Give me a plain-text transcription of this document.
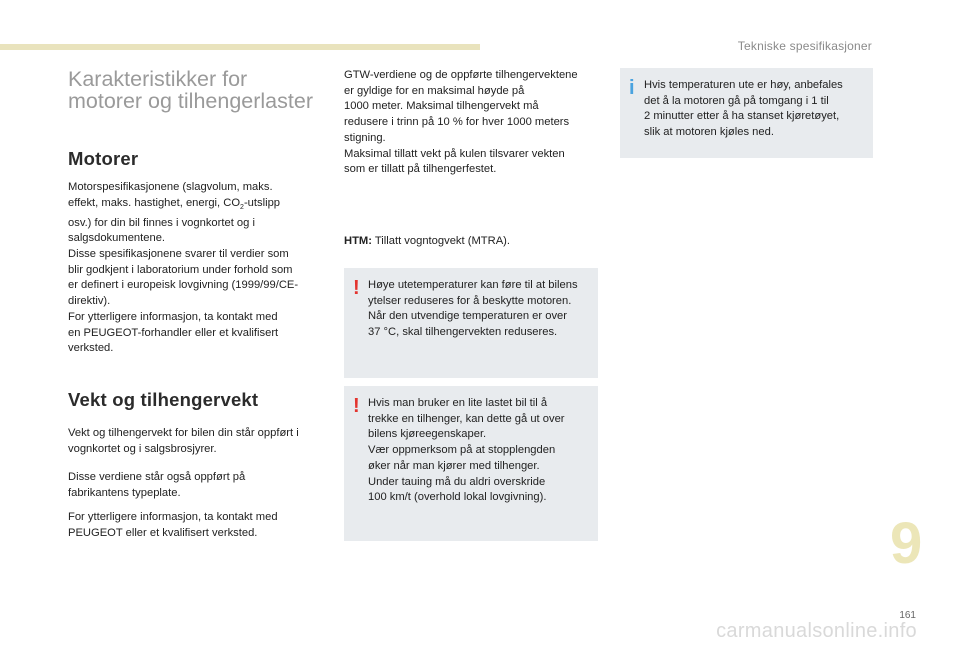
Tekniske spesifikasjoner
Karakteristikker for
motorer og tilhengerlaster
Motorer

Motorspesifikasjonene (slagvolum, maks.
effekt, maks. hastighet, energi, $CO_2$-utslipp
osv.) for din bil finnes i vognkortet og i
salgsdokumentene.
Disse spesifikasjonene svarer til verdier som
blir godkjent i laboratorium under forhold som
er definert i europeisk lovgivning (1999/99/CE-
direktiv).
For ytterligere informasjon, ta kontakt med
en PEUGEOT-forhandler eller et kvalifisert
verksted.

Vekt og tilhengervekt

Vekt og tilhengervekt for bilen din står oppført i
vognkortet og i salgsbrosjyrer.

Disse verdiene står også oppført på
fabrikantens typeplate.

For ytterligere informasjon, ta kontakt med
PEUGEOT eller et kvalifisert verksted.

GTW-verdiene og de oppførte tilhengervektene
er gyldige for en maksimal høyde på
1000 meter. Maksimal tilhengervekt må
redusere i trinn på 10 % for hver 1000 meters
stigning.
Maksimal tillatt vekt på kulen tilsvarer vekten
som er tillatt på tilhengerfestet.

HTM: Tillatt vogntogvekt (MTRA).

! Høye utetemperaturer kan føre til at bilens
ytelser reduseres for å beskytte motoren.
Når den utvendige temperaturen er over
37 °C, skal tilhengervekten reduseres.
! Hvis man bruker en lite lastet bil til å
trekke en tilhenger, kan dette gå ut over
bilens kjøreegenskaper.
Vær oppmerksom på at stopplengden
øker når man kjører med tilhenger.
Under tauing må du aldri overskride
100 km/t (overhold lokal lovgivning).
i Hvis temperaturen ute er høy, anbefales
det å la motoren gå på tomgang i 1 til
2 minutter etter å ha stanset kjøretøyet,
slik at motoren kjøles ned.
9
161
carmanualsonline.info
